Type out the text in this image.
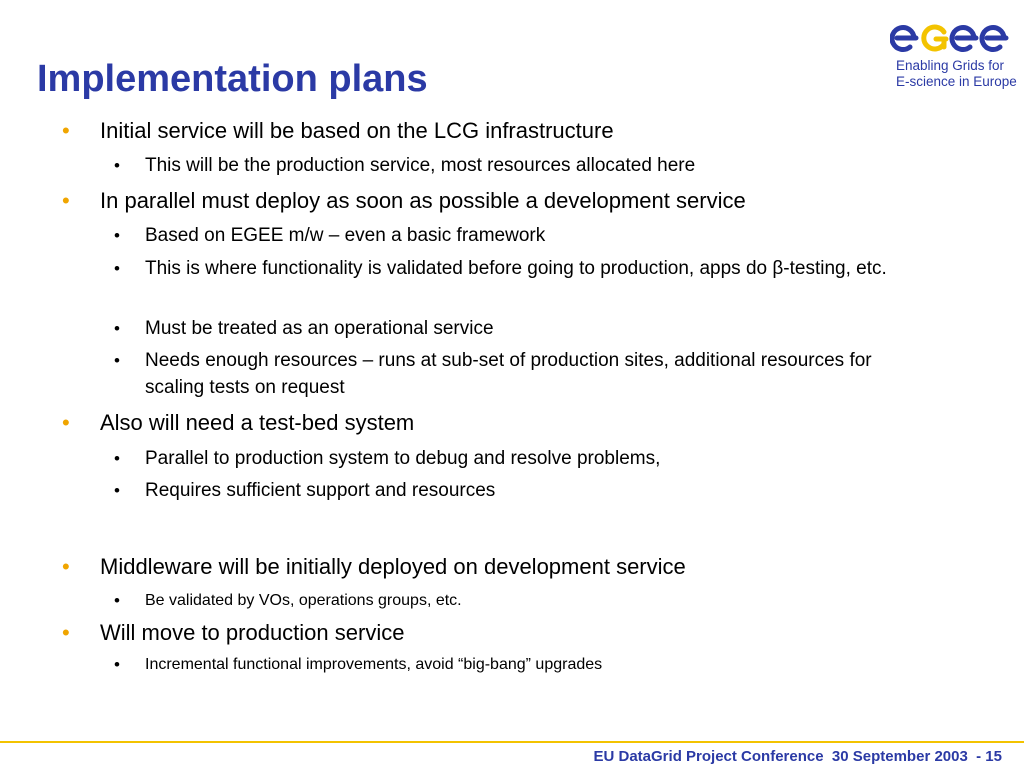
Implementation plans	Enabling Grids for
E-science in Europe
• Initial service will be based on the LCG infrastructure
• This will be the production service, most resources allocated here
• In parallel must deploy as soon as possible a development service
• Based on EGEE m/w – even a basic framework
• This is where functionality is validated before going to production, apps do β-testing, etc.
• Must be treated as an operational service
• Needs enough resources – runs at sub-set of production sites, additional resources for scaling tests on request
• Also will need a test-bed system
• Parallel to production system to debug and resolve problems,
• Requires sufficient support and resources
• Middleware will be initially deployed on development service
• Be validated by VOs, operations groups, etc.
• Will move to production service
• Incremental functional improvements, avoid “big-bang” upgrades
EU DataGrid Project Conference  30 September 2003  - 15
